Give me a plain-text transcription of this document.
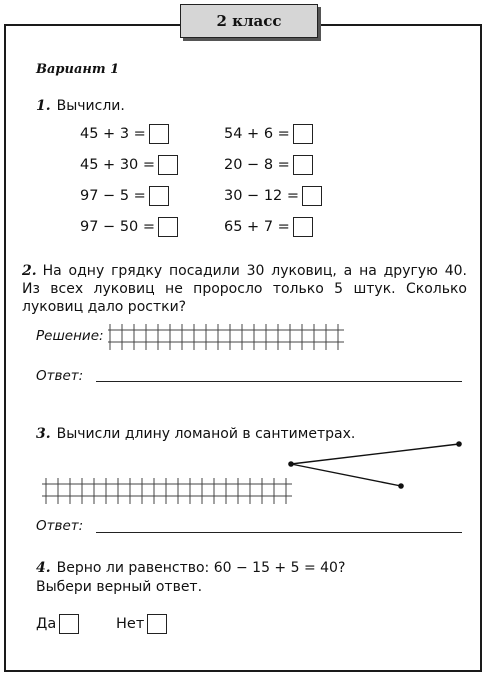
2 класс
Вариант 1
1. Вычисли.
45 + 3 =
45 + 30 =
97 − 5 =
97 − 50 =
54 + 6 =
20 − 8 =
30 − 12 =
65 + 7 =
2. На одну грядку посадили 30 луковиц, а на другую 40. Из всех луковиц не проросло только 5 штук. Сколько луковиц дало ростки?
Решение:
Ответ:
3. Вычисли длину ломаной в сантиметрах.
Ответ:
4. Верно ли равенство: 60 − 15 + 5 = 40?
Выбери верный ответ.
Да	Нет
